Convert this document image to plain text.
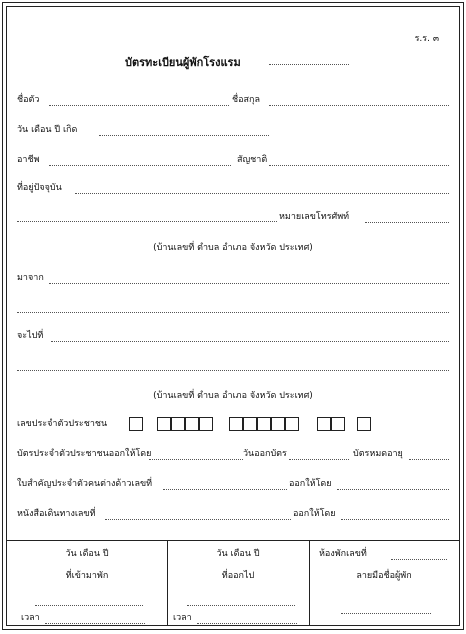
ร.ร. ๓
บัตรทะเบียนผู้พักโรงแรม
ชื่อตัว	ชื่อสกุล
วัน เดือน ปี เกิด
อาชีพ	สัญชาติ
ที่อยู่ปัจจุบัน
หมายเลขโทรศัพท์
(บ้านเลขที่ ตำบล อำเภอ จังหวัด ประเทศ)
มาจาก
จะไปที่
(บ้านเลขที่ ตำบล อำเภอ จังหวัด ประเทศ)
เลขประจำตัวประชาชน
บัตรประจำตัวประชาชนออกให้โดย	วันออกบัตร	บัตรหมดอายุ
ใบสำคัญประจำตัวคนต่างด้าวเลขที่	ออกให้โดย
หนังสือเดินทางเลขที่	ออกให้โดย
วัน เดือน ปี
ที่เข้ามาพัก
เวลา
วัน เดือน ปี
ที่ออกไป
เวลา
ห้องพักเลขที่
ลายมือชื่อผู้พัก
